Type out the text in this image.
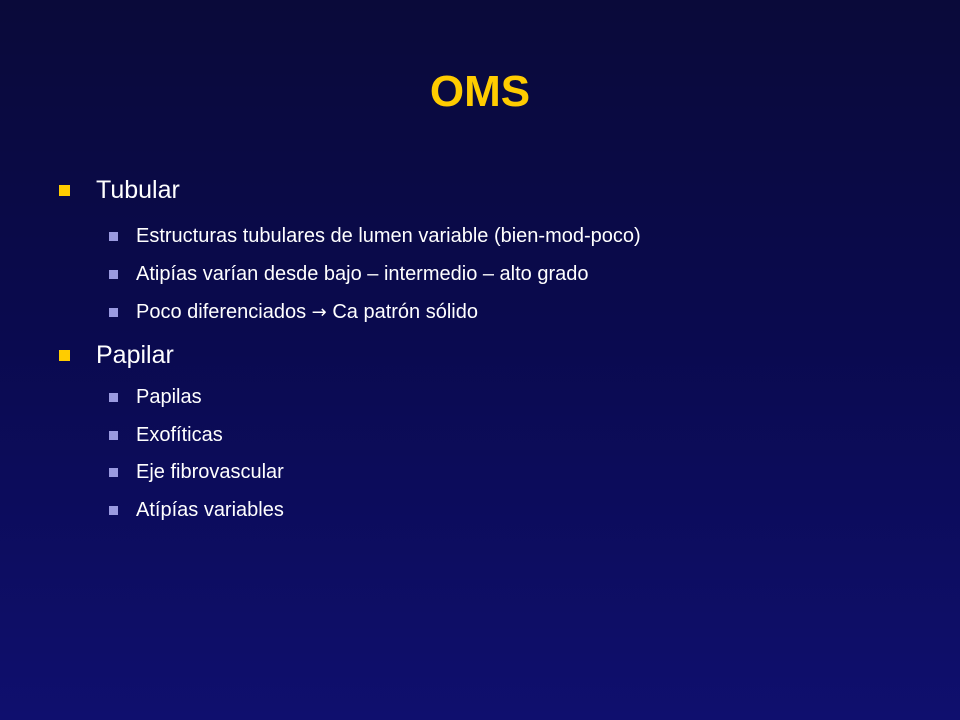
OMS
Tubular
Estructuras tubulares de lumen variable (bien-mod-poco)
Atipías varían desde bajo – intermedio – alto grado
Poco diferenciados → Ca patrón sólido
Papilar
Papilas
Exofíticas
Eje fibrovascular
Atípías variables
